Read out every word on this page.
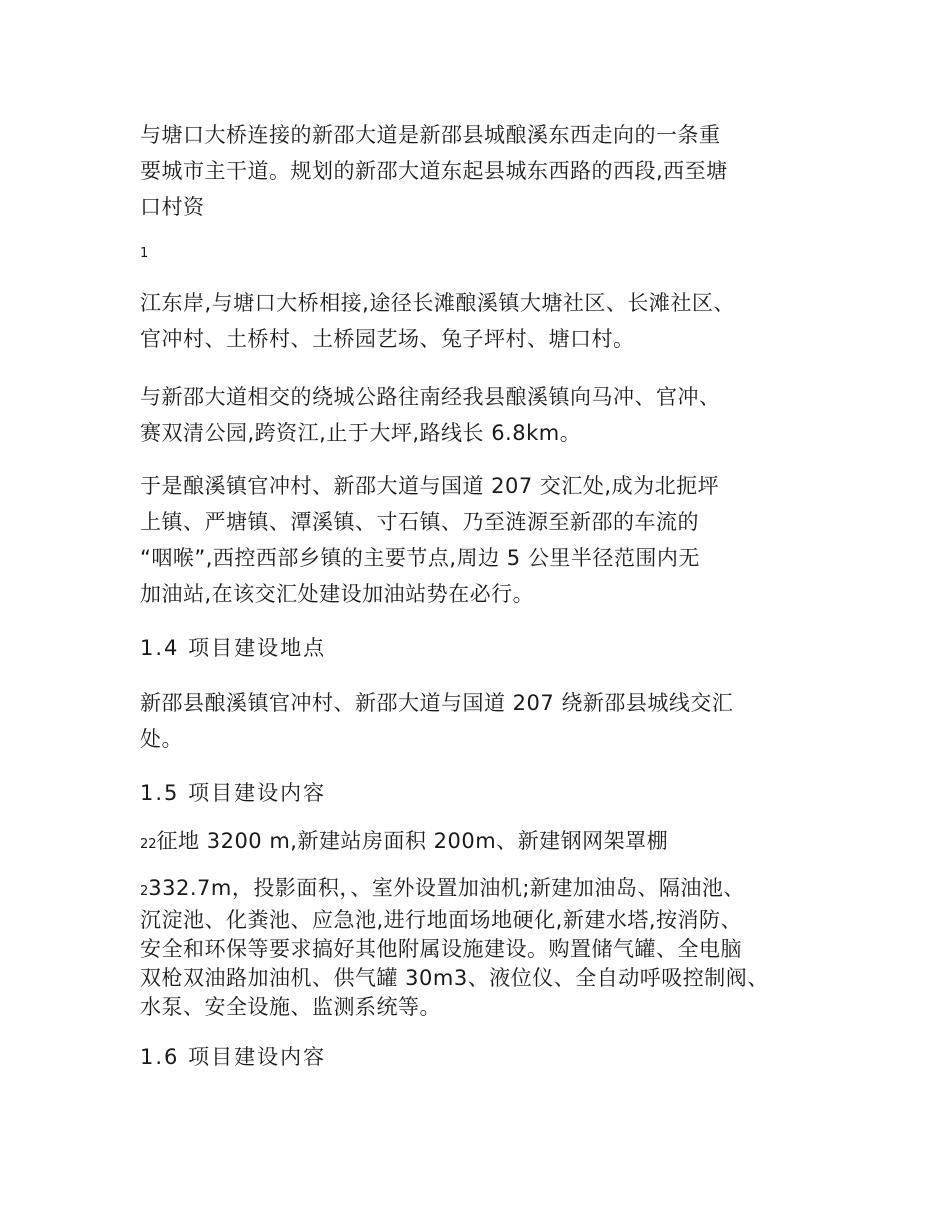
与塘口大桥连接的新邵大道是新邵县城酿溪东西走向的一条重
要城市主干道。规划的新邵大道东起县城东西路的西段,西至塘
口村资

1

江东岸,与塘口大桥相接,途径长滩酿溪镇大塘社区、长滩社区、
官冲村、土桥村、土桥园艺场、兔子坪村、塘口村。

与新邵大道相交的绕城公路往南经我县酿溪镇向马冲、官冲、
赛双清公园,跨资江,止于大坪,路线长 6.8km。

于是酿溪镇官冲村、新邵大道与国道 207 交汇处,成为北扼坪
上镇、严塘镇、潭溪镇、寸石镇、乃至涟源至新邵的车流的
“咽喉”,西控西部乡镇的主要节点,周边 5 公里半径范围内无
加油站,在该交汇处建设加油站势在必行。

1.4 项目建设地点

新邵县酿溪镇官冲村、新邵大道与国道 207 绕新邵县城线交汇
处。

1.5 项目建设内容

22征地 3200 m,新建站房面积 200m、新建钢网架罩棚

2332.7m，投影面积，、室外设置加油机;新建加油岛、隔油池、
沉淀池、化粪池、应急池,进行地面场地硬化,新建水塔,按消防、
安全和环保等要求搞好其他附属设施建设。购置储气罐、全电脑
双枪双油路加油机、供气罐 30m3、液位仪、全自动呼吸控制阀、
水泵、安全设施、监测系统等。

1.6 项目建设内容
